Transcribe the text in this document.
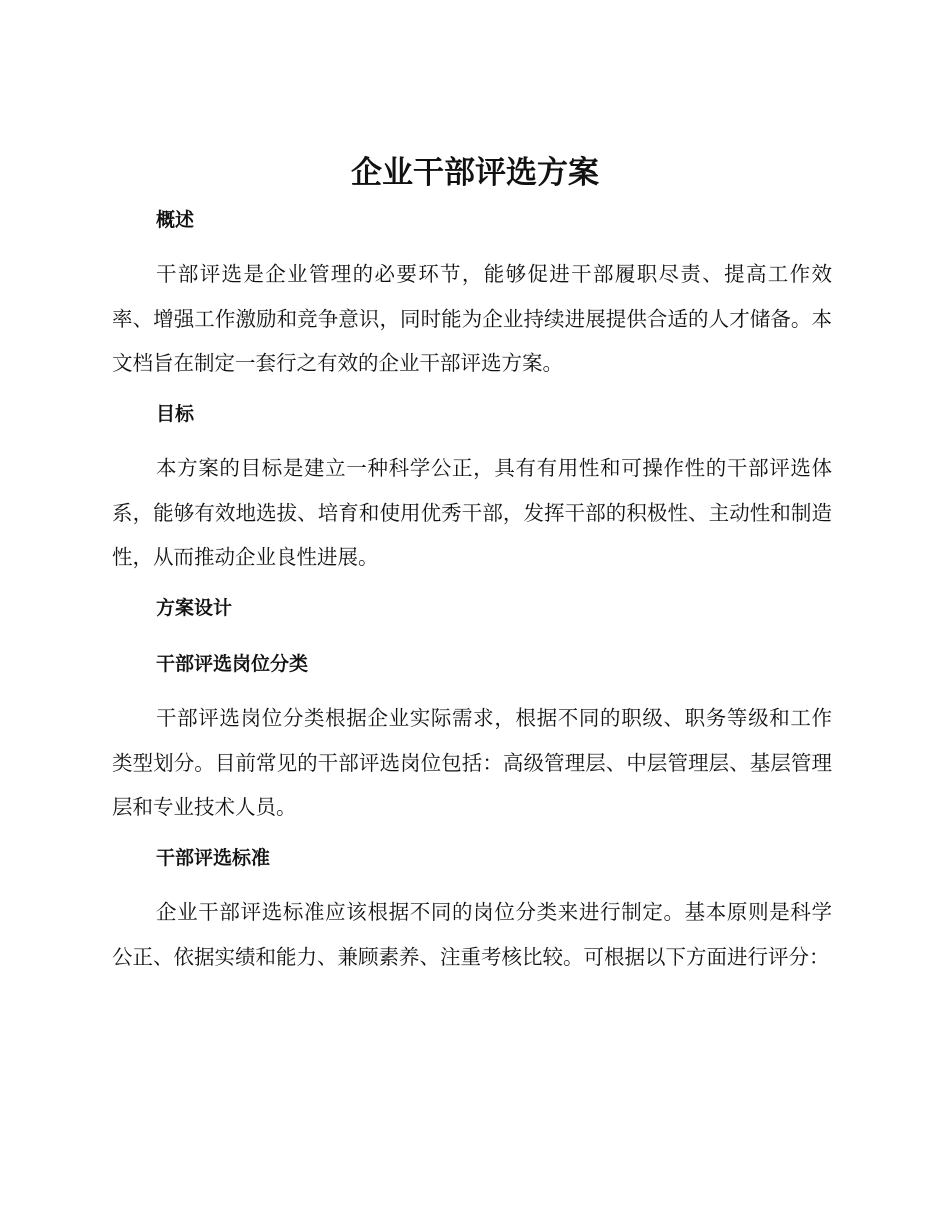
企业干部评选方案
概述

干部评选是企业管理的必要环节，能够促进干部履职尽责、提高工作效率、增强工作激励和竞争意识，同时能为企业持续进展提供合适的人才储备。本文档旨在制定一套行之有效的企业干部评选方案。

目标

本方案的目标是建立一种科学公正，具有有用性和可操作性的干部评选体系，能够有效地选拔、培育和使用优秀干部，发挥干部的积极性、主动性和制造性，从而推动企业良性进展。

方案设计
干部评选岗位分类

干部评选岗位分类根据企业实际需求，根据不同的职级、职务等级和工作类型划分。目前常见的干部评选岗位包括：高级管理层、中层管理层、基层管理层和专业技术人员。

干部评选标准

企业干部评选标准应该根据不同的岗位分类来进行制定。基本原则是科学公正、依据实绩和能力、兼顾素养、注重考核比较。可根据以下方面进行评分：
